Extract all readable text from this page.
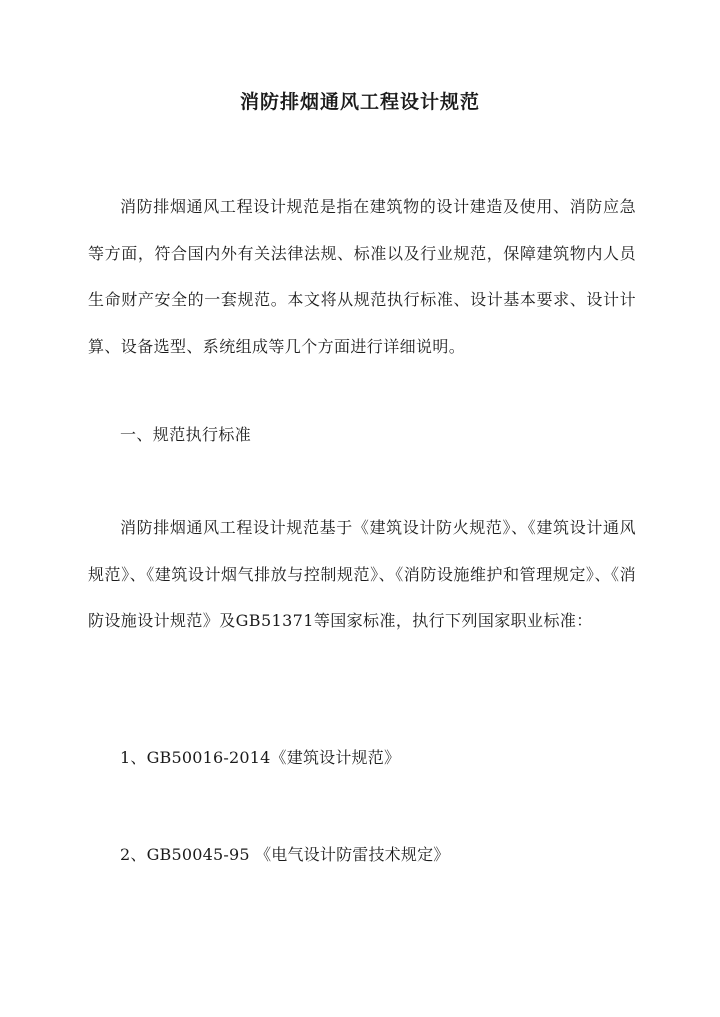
消防排烟通风工程设计规范
消防排烟通风工程设计规范是指在建筑物的设计建造及使用、消防应急等方面，符合国内外有关法律法规、标准以及行业规范，保障建筑物内人员生命财产安全的一套规范。本文将从规范执行标准、设计基本要求、设计计算、设备选型、系统组成等几个方面进行详细说明。
一、规范执行标准
消防排烟通风工程设计规范基于《建筑设计防火规范》、《建筑设计通风规范》、《建筑设计烟气排放与控制规范》、《消防设施维护和管理规定》、《消防设施设计规范》及GB51371等国家标准，执行下列国家职业标准：
1、GB50016-2014《建筑设计规范》
2、GB50045-95 《电气设计防雷技术规定》
